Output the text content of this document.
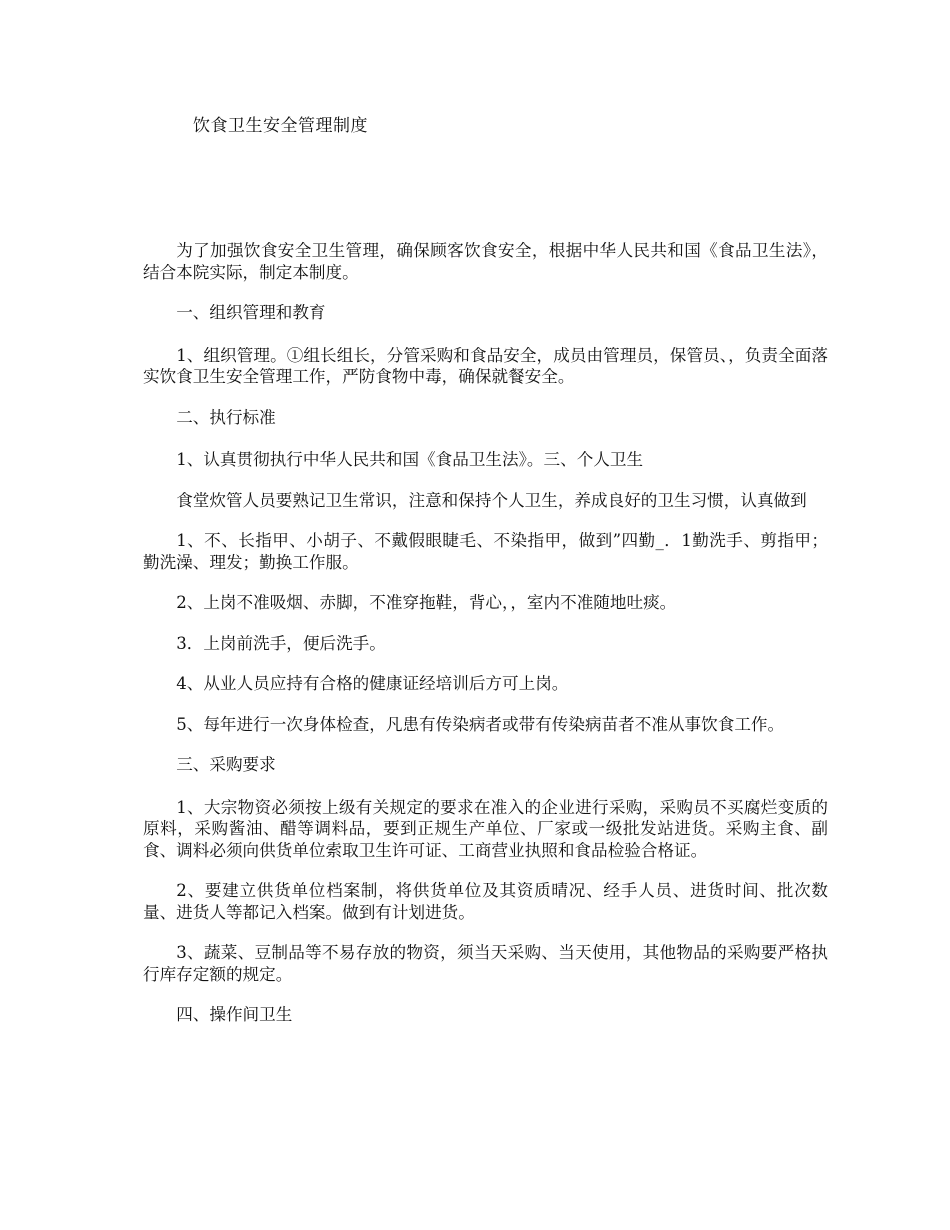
饮食卫生安全管理制度

为了加强饮食安全卫生管理，确保顾客饮食安全，根据中华人民共和国《食品卫生法》，结合本院实际，制定本制度。

一、组织管理和教育

1、组织管理。①组长组长，分管采购和食品安全，成员由管理员，保管员、，负责全面落实饮食卫生安全管理工作，严防食物中毒，确保就餐安全。

二、执行标准

1、认真贯彻执行中华人民共和国《食品卫生法》。三、个人卫生

食堂炊管人员要熟记卫生常识，注意和保持个人卫生，养成良好的卫生习惯，认真做到

1、不、长指甲、小胡子、不戴假眼睫毛、不染指甲，做到”四勤_．1勤洗手、剪指甲；勤洗澡、理发；勤换工作服。

2、上岗不准吸烟、赤脚，不准穿拖鞋，背心，，室内不准随地吐痰。

3．上岗前洗手，便后洗手。

4、从业人员应持有合格的健康证经培训后方可上岗。

5、每年进行一次身体检查，凡患有传染病者或带有传染病苗者不准从事饮食工作。

三、采购要求

1、大宗物资必须按上级有关规定的要求在准入的企业进行采购，采购员不买腐烂变质的原料，采购酱油、醋等调料品，要到正规生产单位、厂家或一级批发站进货。采购主食、副食、调料必须向供货单位索取卫生许可证、工商营业执照和食品检验合格证。

2、要建立供货单位档案制，将供货单位及其资质晴况、经手人员、进货时间、批次数量、进货人等都记入档案。做到有计划进货。

3、蔬菜、豆制品等不易存放的物资，须当天采购、当天使用，其他物品的采购要严格执行库存定额的规定。

四、操作间卫生
